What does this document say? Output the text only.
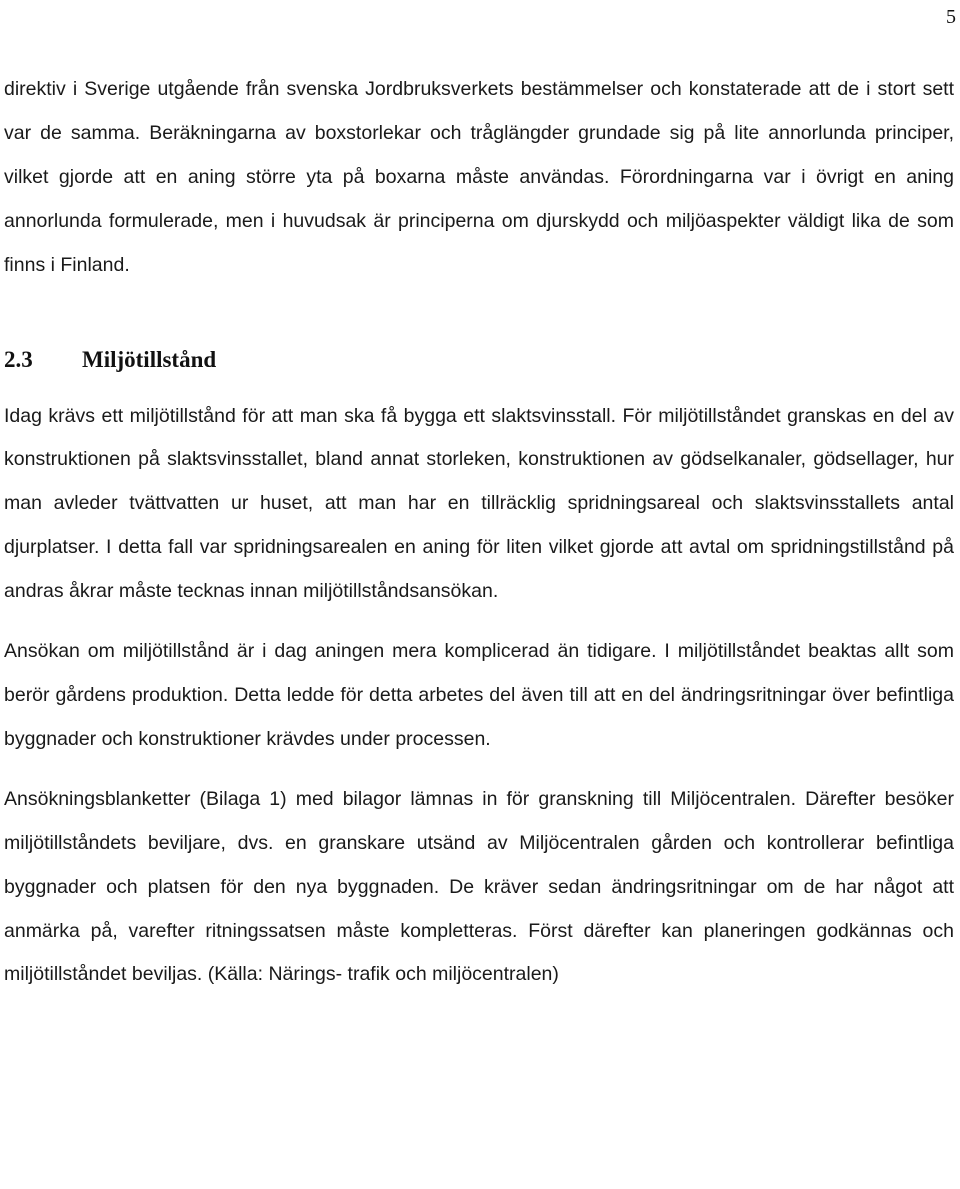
5

direktiv i Sverige utgående från svenska Jordbruksverkets bestämmelser och konstaterade att de i stort sett var de samma. Beräkningarna av boxstorlekar och tråglängder grundade sig på lite annorlunda principer, vilket gjorde att en aning större yta på boxarna måste användas. Förordningarna var i övrigt en aning annorlunda formulerade, men i huvudsak är principerna om djurskydd och miljöaspekter väldigt lika de som finns i Finland.

2.3	Miljötillstånd

Idag krävs ett miljötillstånd för att man ska få bygga ett slaktsvinsstall. För miljötillståndet granskas en del av konstruktionen på slaktsvinsstallet, bland annat storleken, konstruktionen av gödselkanaler, gödsellager, hur man avleder tvättvatten ur huset, att man har en tillräcklig spridningsareal och slaktsvinsstallets antal djurplatser. I detta fall var spridningsarealen en aning för liten vilket gjorde att avtal om spridningstillstånd på andras åkrar måste tecknas innan miljötillståndsansökan.

Ansökan om miljötillstånd är i dag aningen mera komplicerad än tidigare. I miljötillståndet beaktas allt som berör gårdens produktion. Detta ledde för detta arbetes del även till att en del ändringsritningar över befintliga byggnader och konstruktioner krävdes under processen.

Ansökningsblanketter (Bilaga 1) med bilagor lämnas in för granskning till Miljöcentralen. Därefter besöker miljötillståndets beviljare, dvs. en granskare utsänd av Miljöcentralen gården och kontrollerar befintliga byggnader och platsen för den nya byggnaden. De kräver sedan ändringsritningar om de har något att anmärka på, varefter ritningssatsen måste kompletteras. Först därefter kan planeringen godkännas och miljötillståndet beviljas. (Källa: Närings- trafik och miljöcentralen)
